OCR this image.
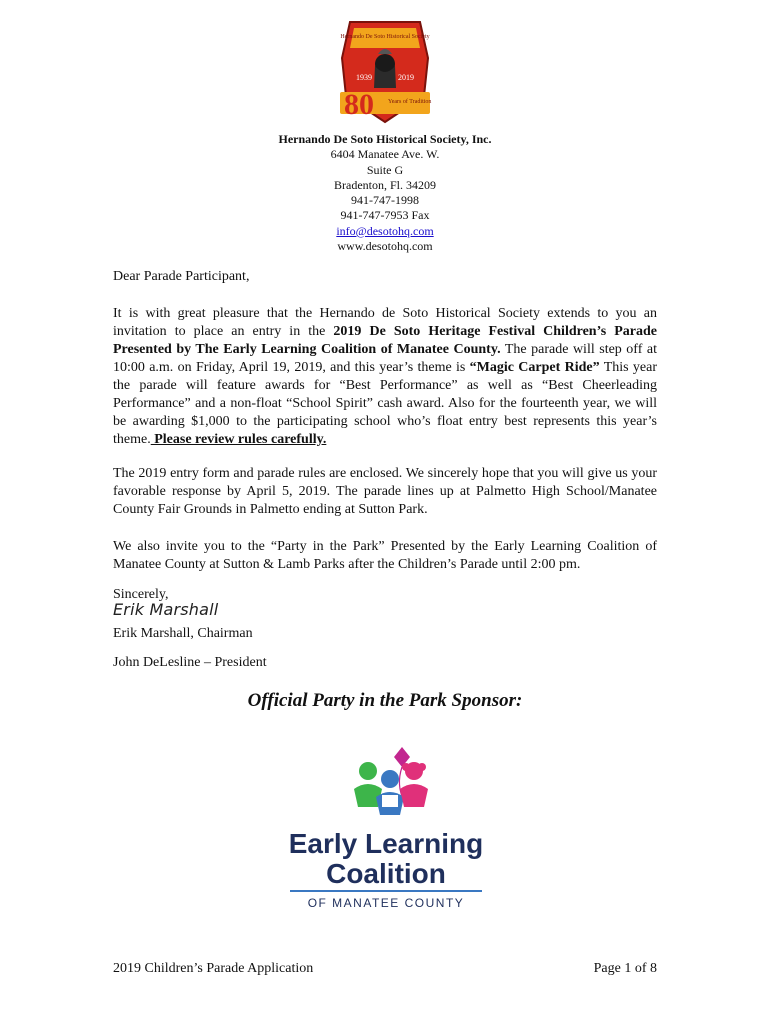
Hernando De Soto Historical Society
1939	2019
80 Years of Tradition
Hernando De Soto Historical Society, Inc.
6404 Manatee Ave. W.
Suite G
Bradenton, Fl. 34209
941-747-1998
941-747-7953 Fax
info@desotohq.com
www.desotohq.com
Dear Parade Participant,
It is with great pleasure that the Hernando de Soto Historical Society extends to you an invitation to place an entry in the 2019 De Soto Heritage Festival Children’s Parade Presented by The Early Learning Coalition of Manatee County. The parade will step off at 10:00 a.m. on Friday, April 19, 2019, and this year’s theme is “Magic Carpet Ride” This year the parade will feature awards for “Best Performance” as well as “Best Cheerleading Performance” and a non-float “School Spirit” cash award. Also for the fourteenth year, we will be awarding $1,000 to the participating school who’s float entry best represents this year’s theme. Please review rules carefully.
The 2019 entry form and parade rules are enclosed. We sincerely hope that you will give us your favorable response by April 5, 2019. The parade lines up at Palmetto High School/Manatee County Fair Grounds in Palmetto ending at Sutton Park.
We also invite you to the “Party in the Park” Presented by the Early Learning Coalition of Manatee County at Sutton & Lamb Parks after the Children’s Parade until 2:00 pm.
Sincerely,
Erik Marshall
Erik Marshall, Chairman
John DeLesline – President
Official Party in the Park Sponsor:
Early Learning
Coalition
OF MANATEE COUNTY
2019 Children’s Parade Application	Page 1 of 8
